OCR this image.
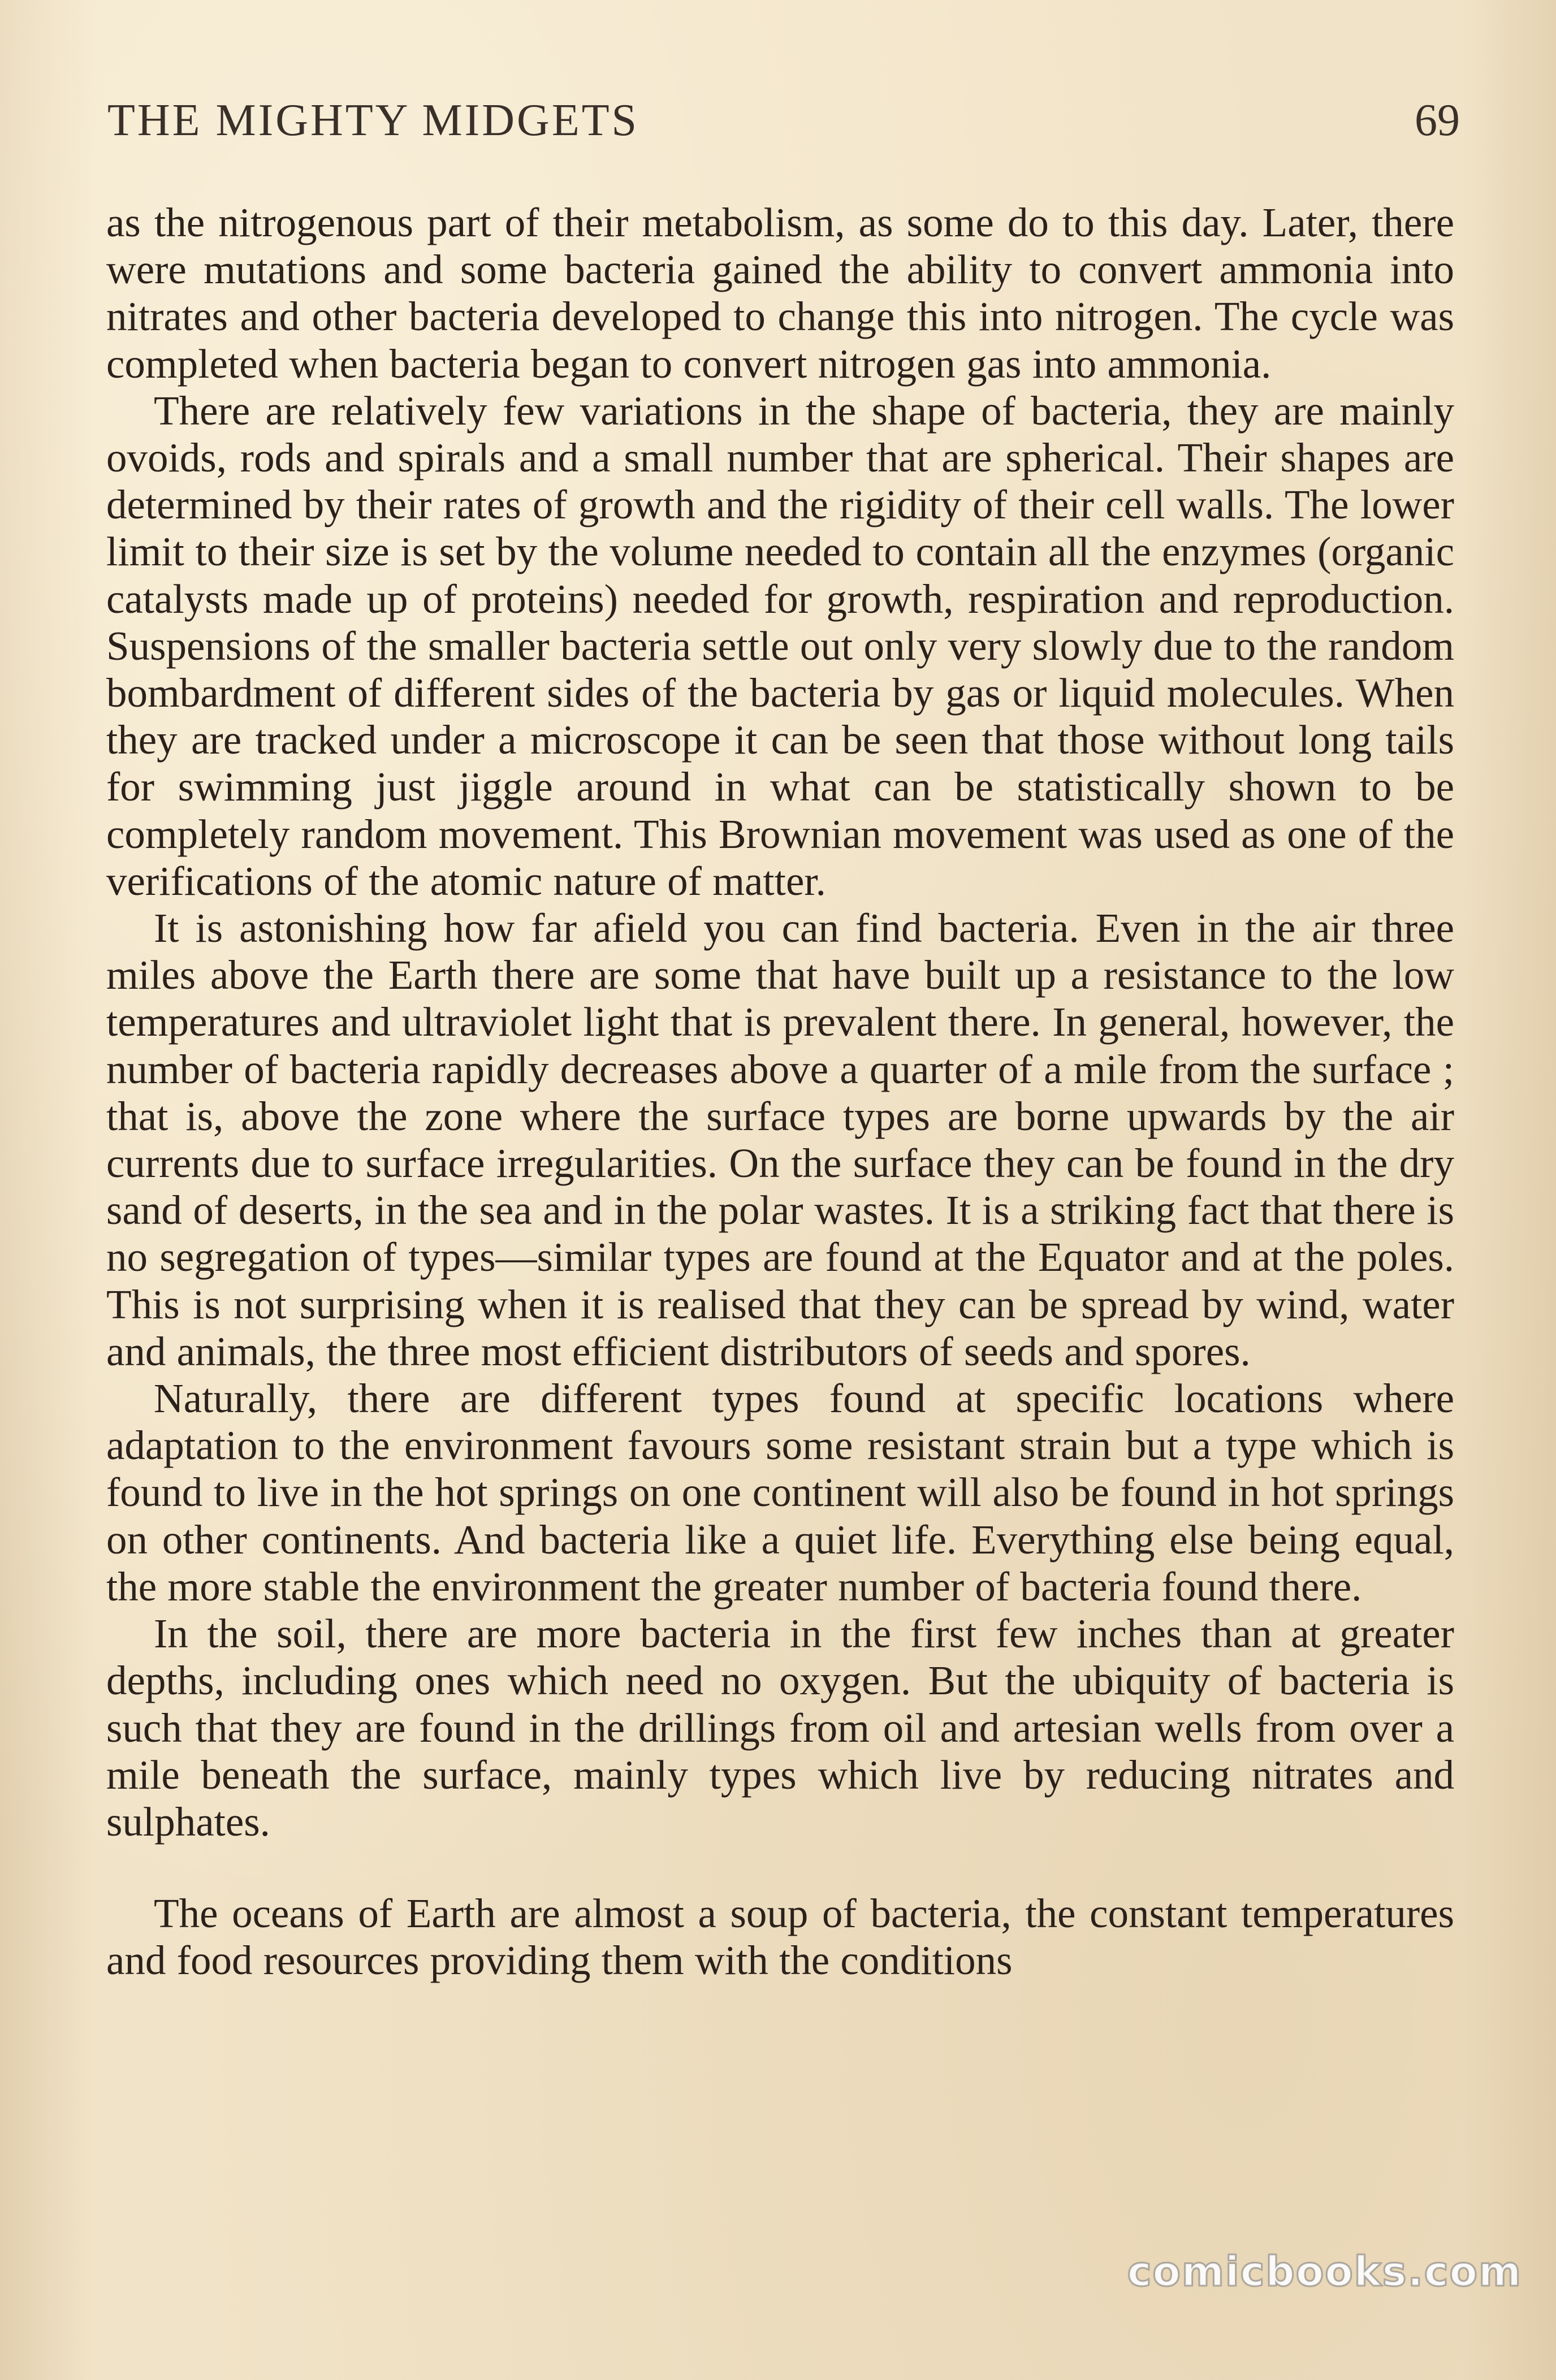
THE MIGHTY MIDGETS	69

as the nitrogenous part of their metabolism, as some do to this day. Later, there were mutations and some bacteria gained the ability to convert ammonia into nitrates and other bacteria developed to change this into nitrogen. The cycle was completed when bacteria began to convert nitrogen gas into ammonia.

There are relatively few variations in the shape of bacteria, they are mainly ovoids, rods and spirals and a small number that are spherical. Their shapes are determined by their rates of growth and the rigidity of their cell walls. The lower limit to their size is set by the volume needed to contain all the enzymes (organic catalysts made up of proteins) needed for growth, respiration and reproduction. Suspensions of the smaller bacteria settle out only very slowly due to the random bombardment of different sides of the bacteria by gas or liquid molecules. When they are tracked under a microscope it can be seen that those without long tails for swimming just jiggle around in what can be statistically shown to be completely random movement. This Brownian movement was used as one of the verifications of the atomic nature of matter.

It is astonishing how far afield you can find bacteria. Even in the air three miles above the Earth there are some that have built up a resistance to the low temperatures and ultraviolet light that is prevalent there. In general, however, the number of bacteria rapidly decreases above a quarter of a mile from the surface ; that is, above the zone where the surface types are borne upwards by the air currents due to surface irregularities. On the surface they can be found in the dry sand of deserts, in the sea and in the polar wastes. It is a striking fact that there is no segregation of types—similar types are found at the Equator and at the poles. This is not surprising when it is realised that they can be spread by wind, water and animals, the three most efficient distributors of seeds and spores.

Naturally, there are different types found at specific locations where adaptation to the environment favours some resistant strain but a type which is found to live in the hot springs on one continent will also be found in hot springs on other continents. And bacteria like a quiet life. Everything else being equal, the more stable the environment the greater number of bacteria found there.

In the soil, there are more bacteria in the first few inches than at greater depths, including ones which need no oxygen. But the ubiquity of bacteria is such that they are found in the drillings from oil and artesian wells from over a mile beneath the surface, mainly types which live by reducing nitrates and sulphates.

The oceans of Earth are almost a soup of bacteria, the constant temperatures and food resources providing them with the conditions

comicbooks.com
